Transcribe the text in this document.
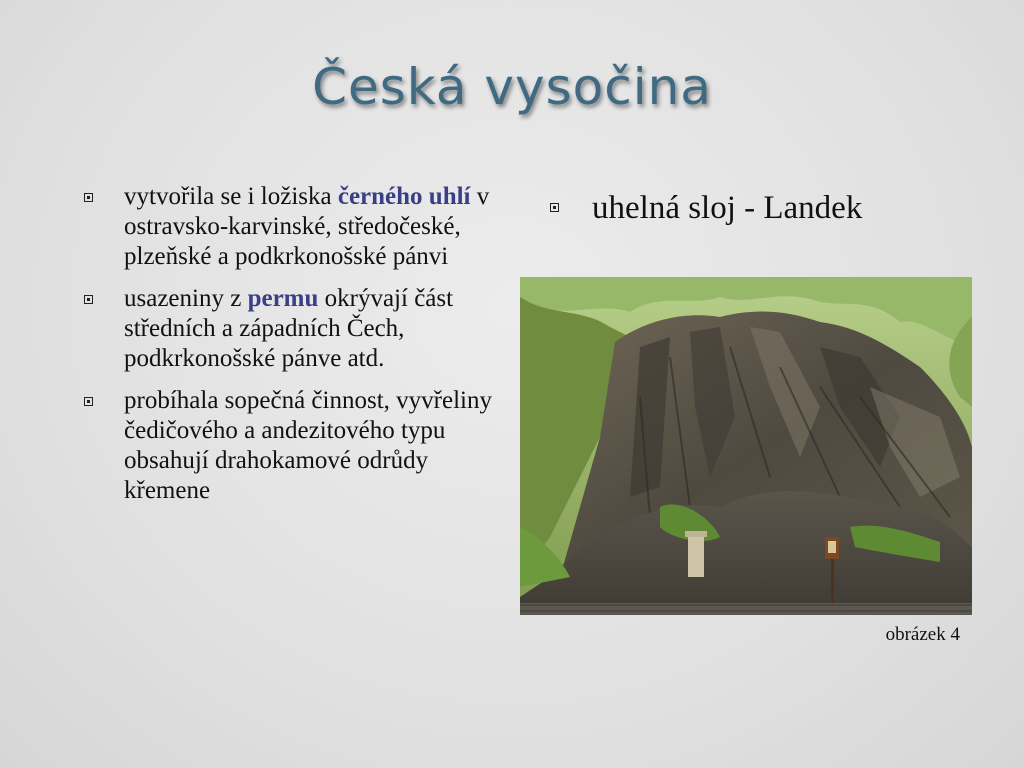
Česká vysočina
vytvořila se i ložiska černého uhlí v ostravsko-karvinské, středočeské, plzeňské a podkrkonošské pánvi
usazeniny z permu okrývají část středních a západních Čech, podkrkonošské pánve atd.
probíhala sopečná činnost, vyvřeliny čedičového a andezitového typu obsahují drahokamové odrůdy křemene
uhelná sloj - Landek
obrázek 4
